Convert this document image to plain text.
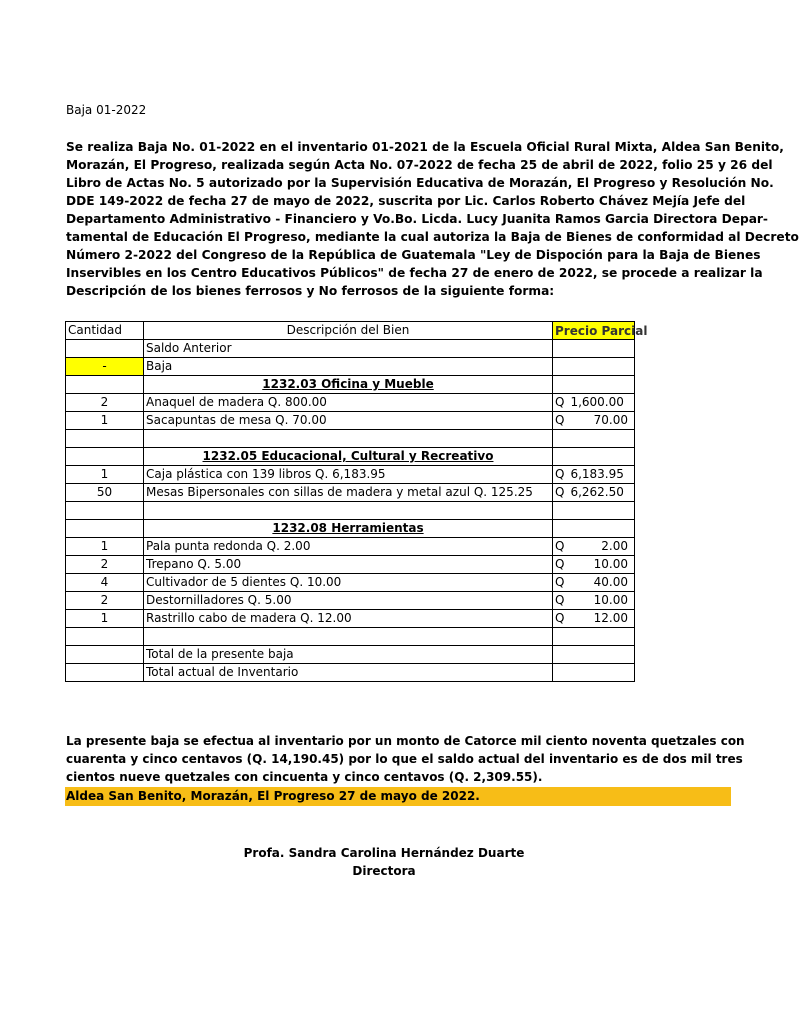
Baja 01-2022
Se realiza Baja No. 01-2022 en el inventario 01-2021 de la Escuela Oficial Rural Mixta, Aldea San Benito,
Morazán, El Progreso, realizada según Acta No. 07-2022 de fecha 25 de abril de 2022, folio 25 y 26 del
Libro de Actas No. 5 autorizado por la Supervisión Educativa de Morazán, El Progreso y Resolución No.
DDE 149-2022 de fecha 27 de mayo de 2022, suscrita por Lic. Carlos Roberto Chávez Mejía Jefe del
Departamento Administrativo - Financiero y Vo.Bo. Licda. Lucy Juanita Ramos Garcia Directora Depar-
tamental de Educación El Progreso, mediante la cual autoriza la Baja de Bienes de conformidad al Decreto
Número 2-2022 del Congreso de la República de Guatemala "Ley de Dispoción para la Baja de Bienes
Inservibles en los Centro Educativos Públicos" de fecha 27 de enero de 2022, se procede a realizar la
Descripción de los bienes ferrosos y No ferrosos de la siguiente forma:
Cantidad	Descripción del Bien	Precio Parcial
	Saldo Anterior	
-	Baja	
	1232.03 Oficina y Mueble	
2	Anaquel de madera Q. 800.00	Q 1,600.00

1	Sacapuntas de mesa Q. 70.00	Q 70.00

	1232.05 Educacional, Cultural y Recreativo	
1	Caja plástica con 139 libros Q. 6,183.95	Q 6,183.95

50	Mesas Bipersonales con sillas de madera y metal azul Q. 125.25	Q 6,262.50

	1232.08 Herramientas	
1	Pala punta redonda Q. 2.00	Q 2.00

2	Trepano Q. 5.00	Q 10.00

4	Cultivador de 5 dientes Q. 10.00	Q 40.00

2	Destornilladores Q. 5.00	Q 10.00

1	Rastrillo cabo de madera Q. 12.00	Q 12.00

	Total de la presente baja	
	Total actual de Inventario	
La presente baja se efectua al inventario por un monto de Catorce mil ciento noventa quetzales con
cuarenta y cinco centavos (Q. 14,190.45) por lo que el saldo actual del inventario es de dos mil tres
cientos nueve quetzales con cincuenta y cinco centavos (Q. 2,309.55).
Aldea San Benito, Morazán, El Progreso 27 de mayo de 2022.
Profa. Sandra Carolina Hernández Duarte
Directora
